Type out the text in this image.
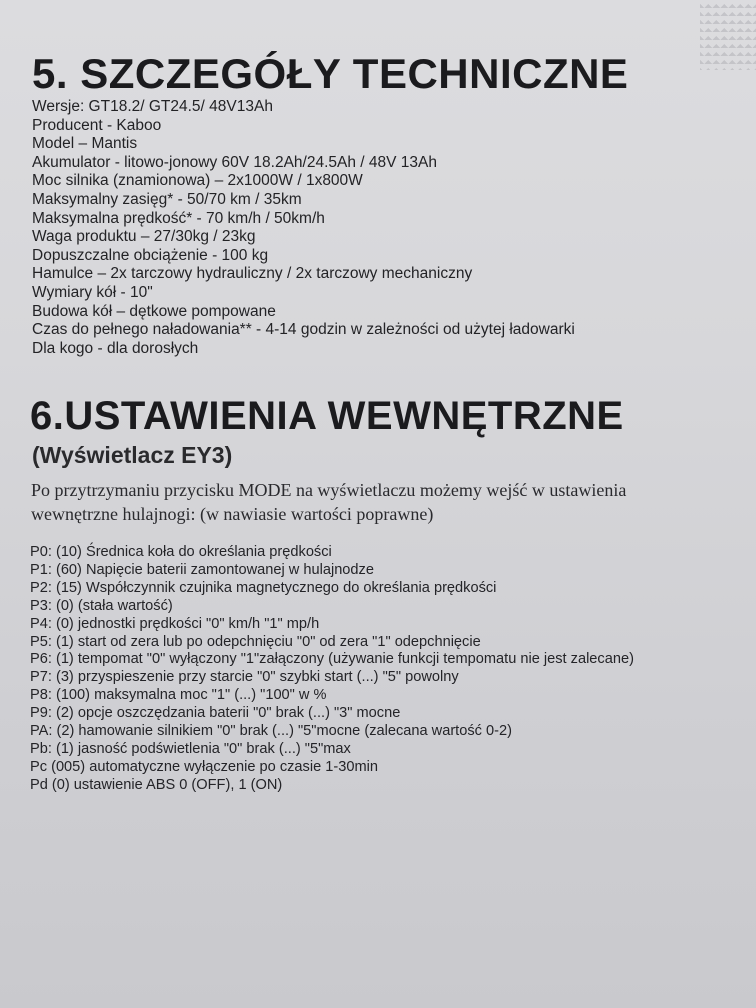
5. SZCZEGÓŁY TECHNICZNE
Wersje: GT18.2/ GT24.5/ 48V13Ah
Producent - Kaboo
Model – Mantis
Akumulator - litowo-jonowy 60V 18.2Ah/24.5Ah / 48V 13Ah
Moc silnika (znamionowa) – 2x1000W / 1x800W
Maksymalny zasięg* - 50/70 km / 35km
Maksymalna prędkość* - 70 km/h / 50km/h
Waga produktu – 27/30kg / 23kg
Dopuszczalne obciążenie - 100 kg
Hamulce – 2x tarczowy hydrauliczny / 2x tarczowy mechaniczny
Wymiary kół - 10"
Budowa kół – dętkowe pompowane
Czas do pełnego naładowania** - 4-14 godzin w zależności od użytej ładowarki
Dla kogo - dla dorosłych
6.USTAWIENIA WEWNĘTRZNE
(Wyświetlacz EY3)
Po przytrzymaniu przycisku MODE na wyświetlaczu możemy wejść w ustawienia
wewnętrzne hulajnogi: (w nawiasie wartości poprawne)
P0: (10) Średnica koła do określania prędkości
P1: (60) Napięcie baterii zamontowanej w hulajnodze
P2: (15) Współczynnik czujnika magnetycznego do określania prędkości
P3: (0) (stała wartość)
P4: (0) jednostki prędkości "0" km/h "1" mp/h
P5: (1) start od zera lub po odepchnięciu "0" od zera "1" odepchnięcie
P6: (1) tempomat "0" wyłączony "1"załączony (używanie funkcji tempomatu nie jest zalecane)
P7: (3) przyspieszenie przy starcie "0" szybki start (...) "5" powolny
P8: (100) maksymalna moc "1" (...) "100" w %
P9: (2) opcje oszczędzania baterii "0" brak (...) "3" mocne
PA: (2) hamowanie silnikiem "0" brak (...) "5"mocne (zalecana wartość 0-2)
Pb: (1) jasność podświetlenia "0" brak (...) "5"max
Pc (005) automatyczne wyłączenie po czasie 1-30min
Pd (0) ustawienie ABS 0 (OFF), 1 (ON)
